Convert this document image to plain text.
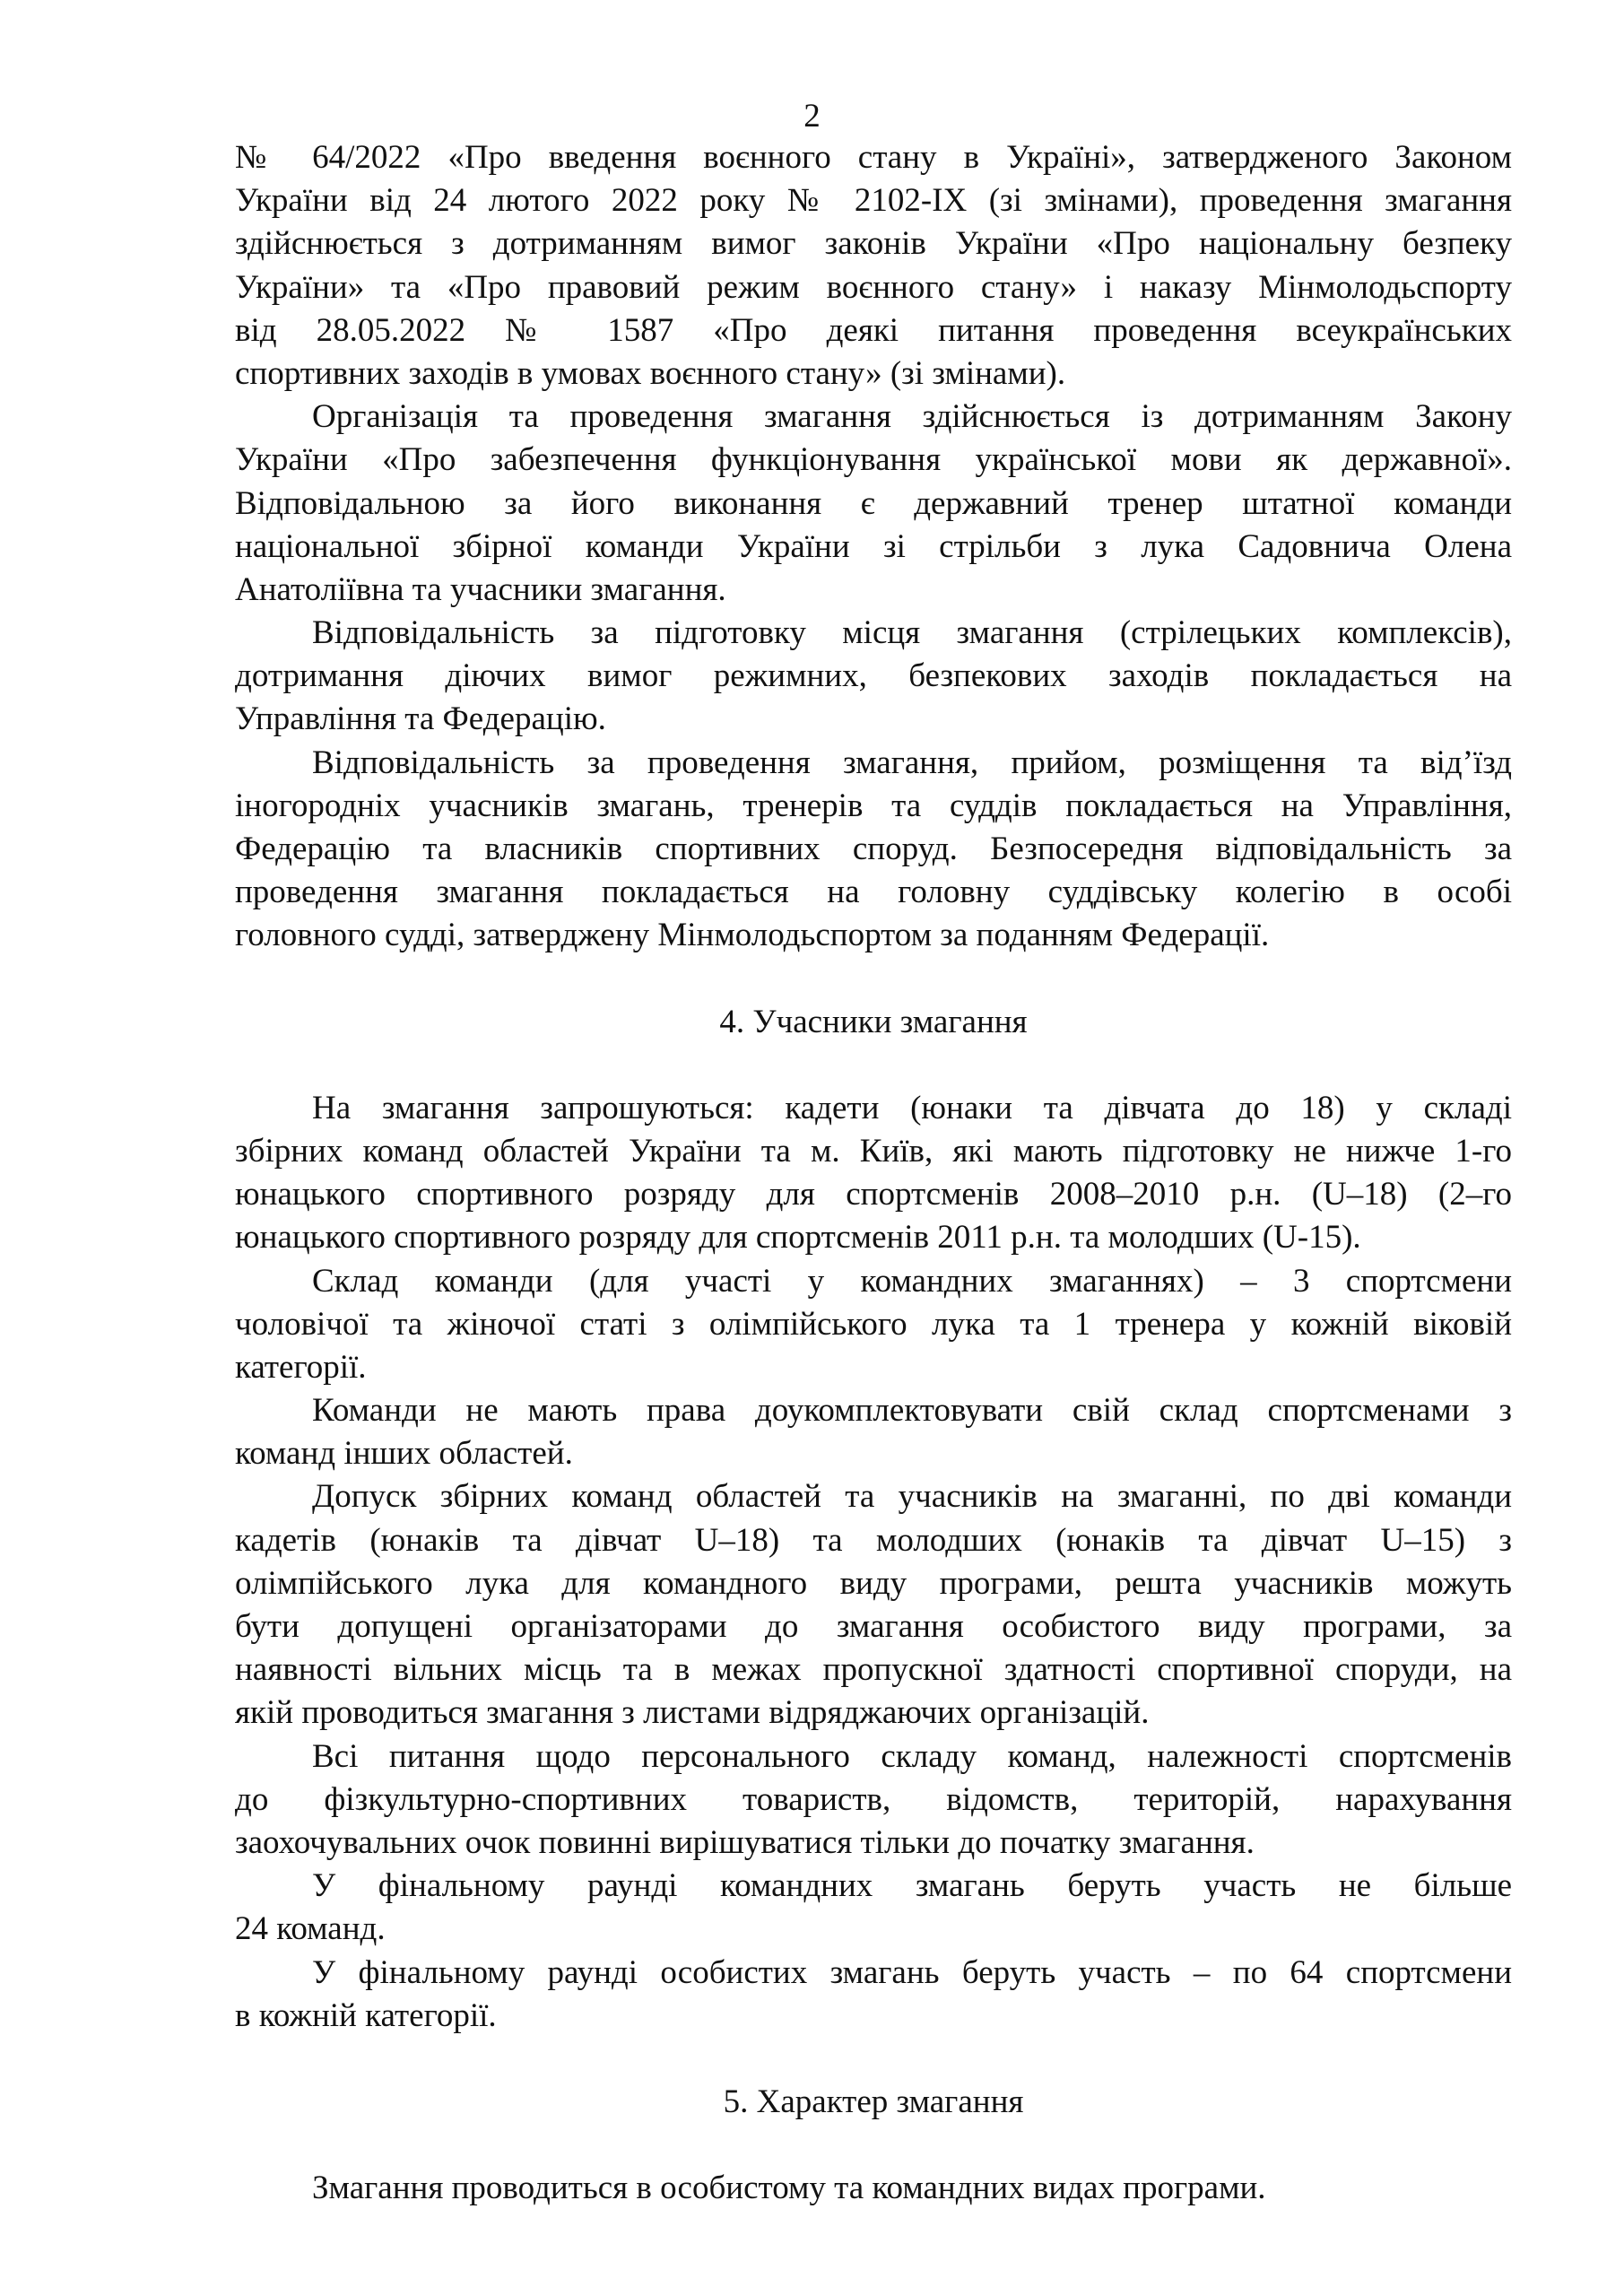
2
№ 64/2022 «Про введення воєнного стану в Україні», затвердженого Законом
України від 24 лютого 2022 року № 2102-IX (зі змінами), проведення змагання
здійснюється з дотриманням вимог законів України «Про національну безпеку
України» та «Про правовий режим воєнного стану» і наказу Мінмолодьспорту
від 28.05.2022 № 1587 «Про деякі питання проведення всеукраїнських
спортивних заходів в умовах воєнного стану» (зі змінами).
Організація та проведення змагання здійснюється із дотриманням Закону
України «Про забезпечення функціонування української мови як державної».
Відповідальною за його виконання є державний тренер штатної команди
національної збірної команди України зі стрільби з лука Садовнича Олена
Анатоліївна та учасники змагання.
Відповідальність за підготовку місця змагання (стрілецьких комплексів),
дотримання діючих вимог режимних, безпекових заходів покладається на
Управління та Федерацію.
Відповідальність за проведення змагання, прийом, розміщення та від’їзд
іногородніх учасників змагань, тренерів та суддів покладається на Управління,
Федерацію та власників спортивних споруд. Безпосередня відповідальність за
проведення змагання покладається на головну суддівську колегію в особі
головного судді, затверджену Мінмолодьспортом за поданням Федерації.
4. Учасники змагання
На змагання запрошуються: кадети (юнаки та дівчата до 18) у складі
збірних команд областей України та м. Київ, які мають підготовку не нижче 1-го
юнацького спортивного розряду для спортсменів 2008–2010 р.н. (U–18) (2–го
юнацького спортивного розряду для спортсменів 2011 р.н. та молодших (U-15).
Склад команди (для участі у командних змаганнях) – 3 спортсмени
чоловічої та жіночої статі з олімпійського лука та 1 тренера у кожній віковій
категорії.
Команди не мають права доукомплектовувати свій склад спортсменами з
команд інших областей.
Допуск збірних команд областей та учасників на змаганні, по дві команди
кадетів (юнаків та дівчат U–18) та молодших (юнаків та дівчат U–15) з
олімпійського лука для командного виду програми, решта учасників можуть
бути допущені організаторами до змагання особистого виду програми, за
наявності вільних місць та в межах пропускної здатності спортивної споруди, на
якій проводиться змагання з листами відряджаючих організацій.
Всі питання щодо персонального складу команд, належності спортсменів
до фізкультурно-спортивних товариств, відомств, територій, нарахування
заохочувальних очок повинні вирішуватися тільки до початку змагання.
У фінальному раунді командних змагань беруть участь не більше
24 команд.
У фінальному раунді особистих змагань беруть участь – по 64 спортсмени
в кожній категорії.
5. Характер змагання
Змагання проводиться в особистому та командних видах програми.
